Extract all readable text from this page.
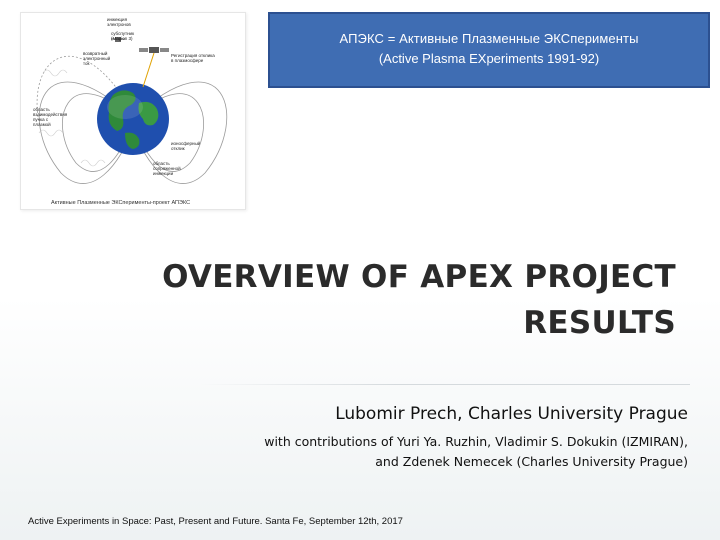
инжекция
электронов
субспутник
(Magion 3)
возвратный
электронный
ток
Регистрация отклика
в плазмосфере
область
взаимодействия
пучка с
плазмой
ионосферный
отклик
область
сопряженной
инжекции
Активные Плазменные ЭКСперименты-проект АПЭКС
АПЭКС = Активные Плазменные ЭКСперименты
(Active Plasma EXperiments 1991-92)
OVERVIEW OF APEX PROJECT
RESULTS
Lubomir Prech, Charles University Prague
with contributions of Yuri Ya. Ruzhin, Vladimir S. Dokukin (IZMIRAN),
and Zdenek Nemecek (Charles University Prague)
Active Experiments in Space: Past, Present and Future. Santa Fe, September 12th, 2017
